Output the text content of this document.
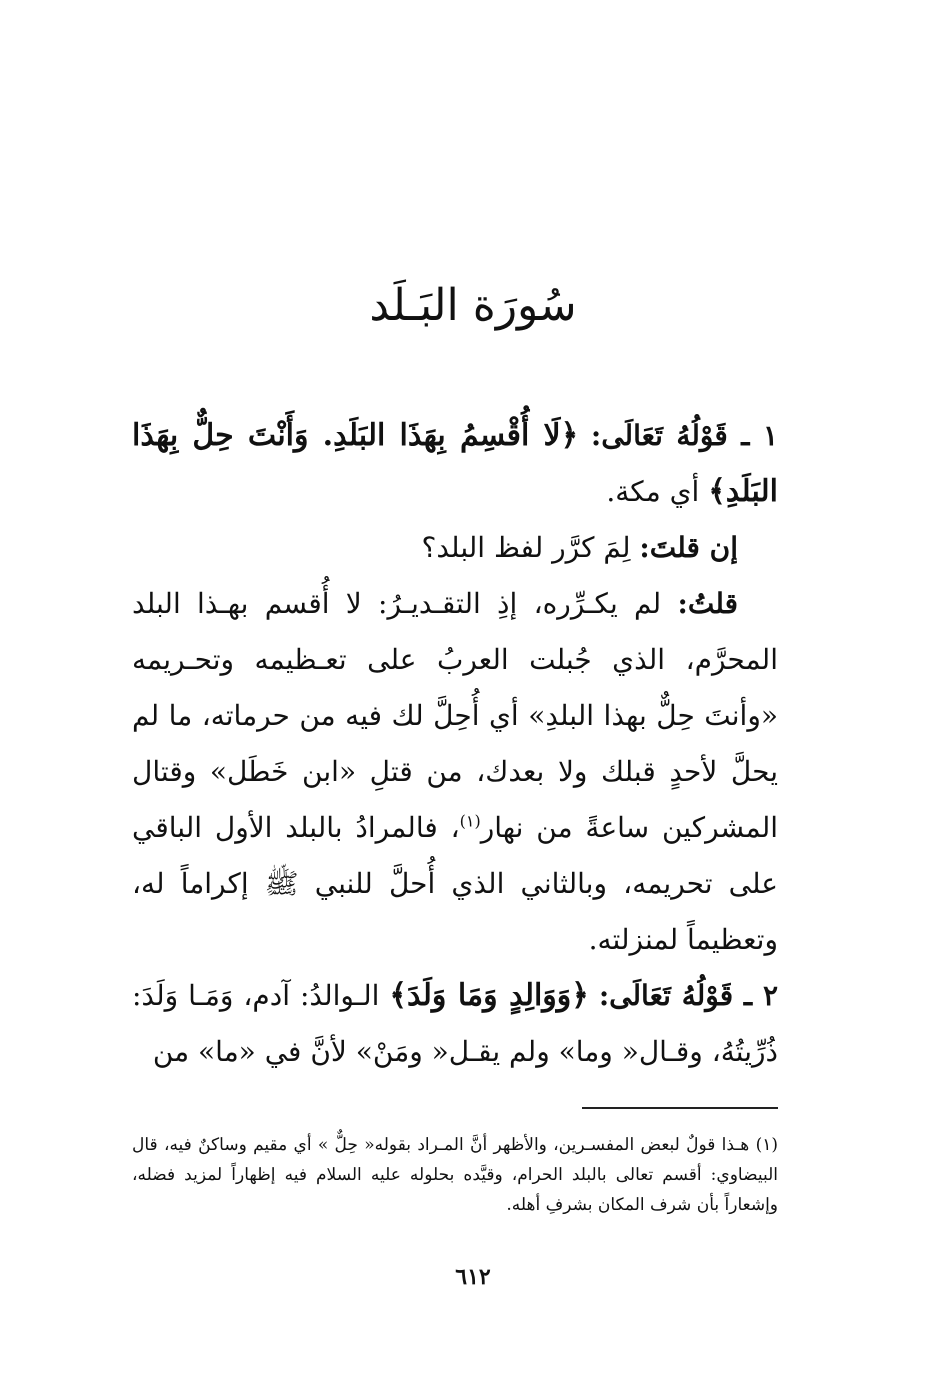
سُورَة البَـلَد

١ ـ قَوْلُهُ تَعَالَى: ﴿لَا أُقْسِمُ بِهَذَا البَلَدِ. وَأَنْتَ حِلٌّ بِهَذَا البَلَدِ﴾ أي مكة.

إن قلتَ: لِمَ كرَّر لفظ البلد؟

قلتُ: لم يكـرِّره، إذِ التقـديـرُ: لا أُقسم بهـذا البلد المحرَّم، الذي جُبلت العربُ على تعـظيمه وتحـريمه «وأنتَ حِلٌّ بهذا البلدِ» أي أُحِلَّ لك فيه من حرماته، ما لم يحلَّ لأحدٍ قبلك ولا بعدك، من قتلِ «ابن خَطَل» وقتال المشركين ساعةً من نهار$^{(١)}$، فالمرادُ بالبلد الأول الباقي على تحريمه، وبالثاني الذي أُحلَّ للنبي ﷺ إكراماً له، وتعظيماً لمنزلته.

٢ ـ قَوْلُهُ تَعَالَى: ﴿وَوَالِدٍ وَمَا وَلَدَ﴾ الـوالدُ: آدم، وَمَـا وَلَدَ: ذُرِّيتُهُ، وقـال« وما» ولم يقـل« ومَنْ» لأنَّ في «ما» من

(١) هـذا قولٌ لبعض المفسـرين، والأظهر أنَّ المـراد بقوله« حِلٌّ » أي مقيم وساكنٌ فيه، قال البيضاوي: أقسم تعالى بالبلد الحرام، وقيَّده بحلوله عليه السلام فيه إظهاراً لمزيد فضله، وإشعاراً بأن شرف المكان بشرفِ أهله.
٦١٢
